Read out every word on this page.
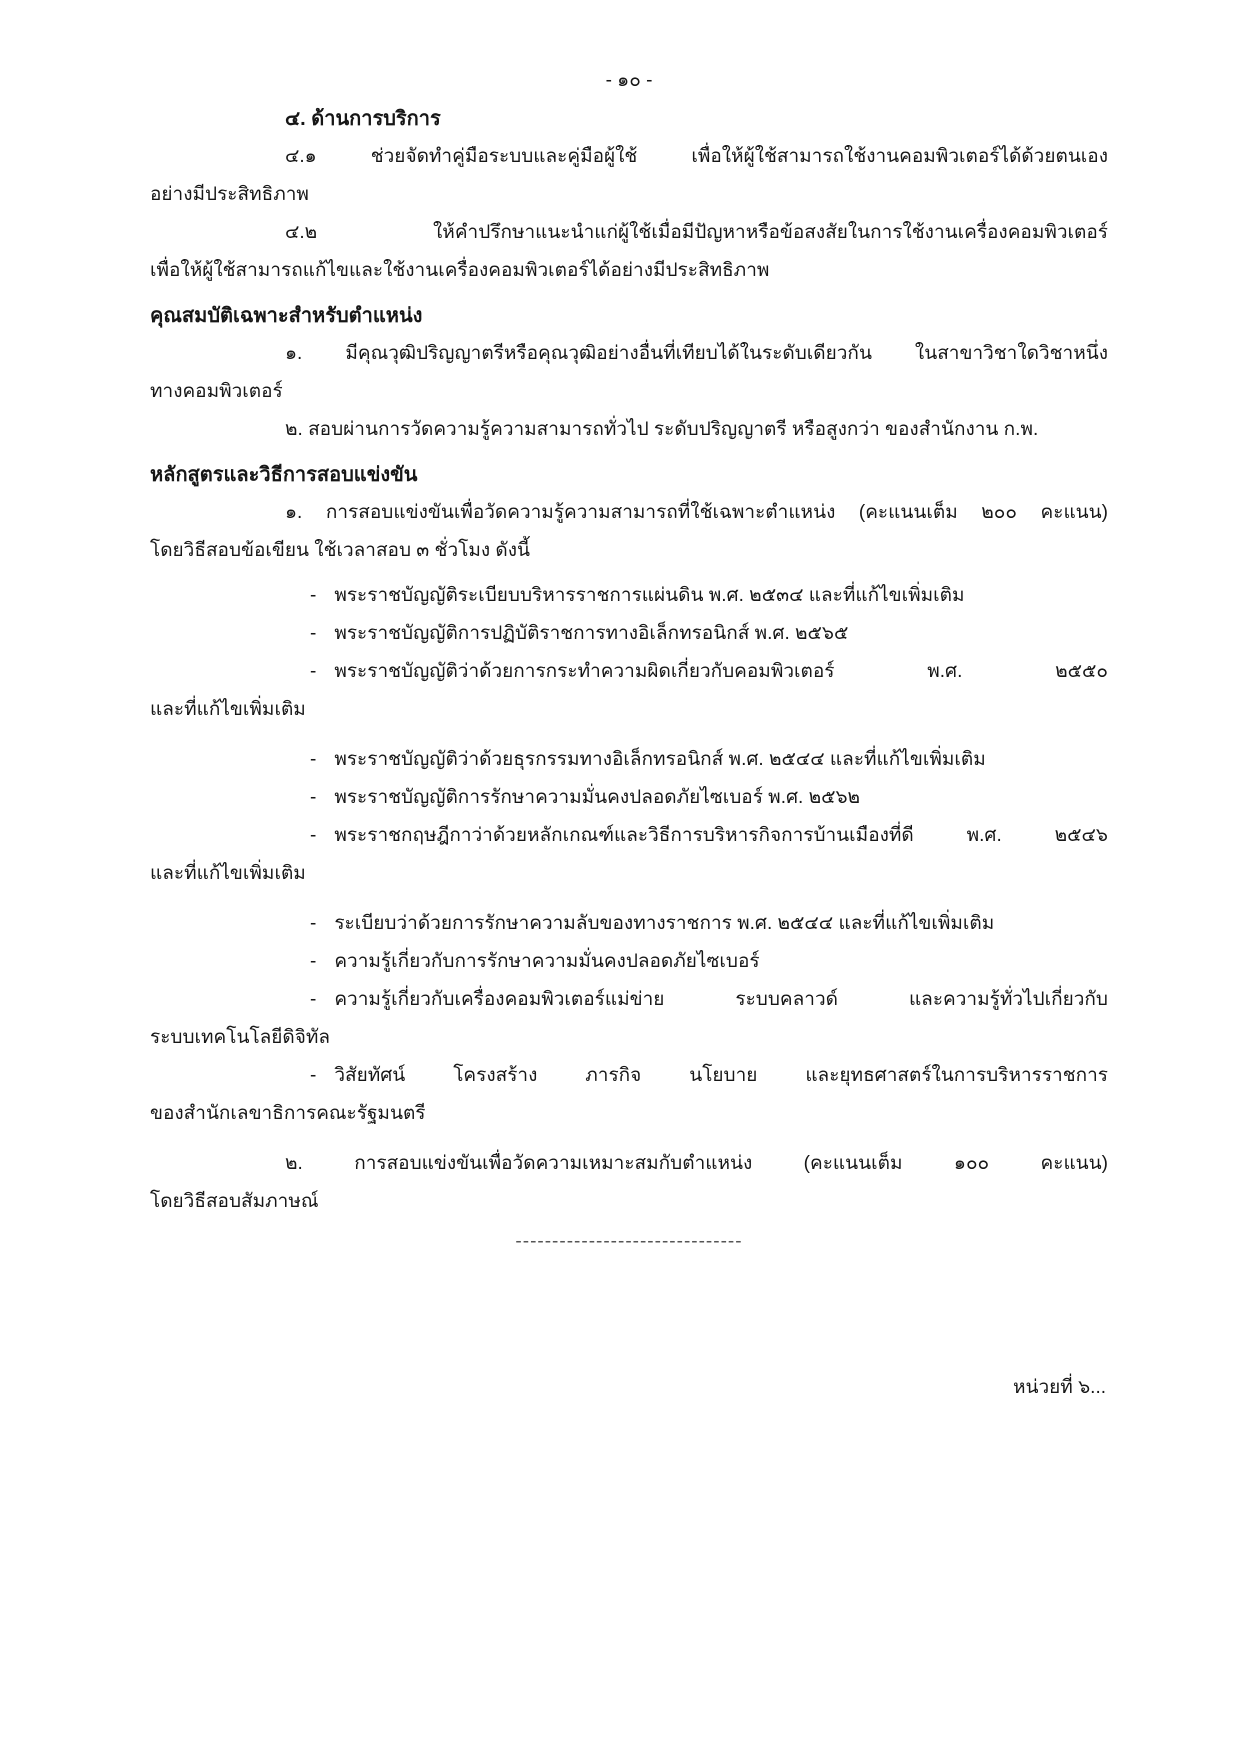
- ๑๐ -
๔. ด้านการบริการ
๔.๑ ช่วยจัดทำคู่มือระบบและคู่มือผู้ใช้ เพื่อให้ผู้ใช้สามารถใช้งานคอมพิวเตอร์ได้ด้วยตนเอง
อย่างมีประสิทธิภาพ
๔.๒ ให้คำปรึกษาแนะนำแก่ผู้ใช้เมื่อมีปัญหาหรือข้อสงสัยในการใช้งานเครื่องคอมพิวเตอร์
เพื่อให้ผู้ใช้สามารถแก้ไขและใช้งานเครื่องคอมพิวเตอร์ได้อย่างมีประสิทธิภาพ
คุณสมบัติเฉพาะสำหรับตำแหน่ง
๑. มีคุณวุฒิปริญญาตรีหรือคุณวุฒิอย่างอื่นที่เทียบได้ในระดับเดียวกัน ในสาขาวิชาใดวิชาหนึ่ง
ทางคอมพิวเตอร์
๒. สอบผ่านการวัดความรู้ความสามารถทั่วไป ระดับปริญญาตรี หรือสูงกว่า ของสำนักงาน ก.พ.
หลักสูตรและวิธีการสอบแข่งขัน
๑. การสอบแข่งขันเพื่อวัดความรู้ความสามารถที่ใช้เฉพาะตำแหน่ง (คะแนนเต็ม ๒๐๐ คะแนน)
โดยวิธีสอบข้อเขียน ใช้เวลาสอบ ๓ ชั่วโมง ดังนี้
- พระราชบัญญัติระเบียบบริหารราชการแผ่นดิน พ.ศ. ๒๕๓๔ และที่แก้ไขเพิ่มเติม
- พระราชบัญญัติการปฏิบัติราชการทางอิเล็กทรอนิกส์ พ.ศ. ๒๕๖๕
- พระราชบัญญัติว่าด้วยการกระทำความผิดเกี่ยวกับคอมพิวเตอร์ พ.ศ. ๒๕๕๐
และที่แก้ไขเพิ่มเติม
- พระราชบัญญัติว่าด้วยธุรกรรมทางอิเล็กทรอนิกส์ พ.ศ. ๒๕๔๔ และที่แก้ไขเพิ่มเติม
- พระราชบัญญัติการรักษาความมั่นคงปลอดภัยไซเบอร์ พ.ศ. ๒๕๖๒
- พระราชกฤษฎีกาว่าด้วยหลักเกณฑ์และวิธีการบริหารกิจการบ้านเมืองที่ดี พ.ศ. ๒๕๔๖
และที่แก้ไขเพิ่มเติม
- ระเบียบว่าด้วยการรักษาความลับของทางราชการ พ.ศ. ๒๕๔๔ และที่แก้ไขเพิ่มเติม
- ความรู้เกี่ยวกับการรักษาความมั่นคงปลอดภัยไซเบอร์
- ความรู้เกี่ยวกับเครื่องคอมพิวเตอร์แม่ข่าย ระบบคลาวด์ และความรู้ทั่วไปเกี่ยวกับ
ระบบเทคโนโลยีดิจิทัล
- วิสัยทัศน์ โครงสร้าง ภารกิจ นโยบาย และยุทธศาสตร์ในการบริหารราชการ
ของสำนักเลขาธิการคณะรัฐมนตรี
๒. การสอบแข่งขันเพื่อวัดความเหมาะสมกับตำแหน่ง (คะแนนเต็ม ๑๐๐ คะแนน)
โดยวิธีสอบสัมภาษณ์
-------------------------------
หน่วยที่ ๖...
